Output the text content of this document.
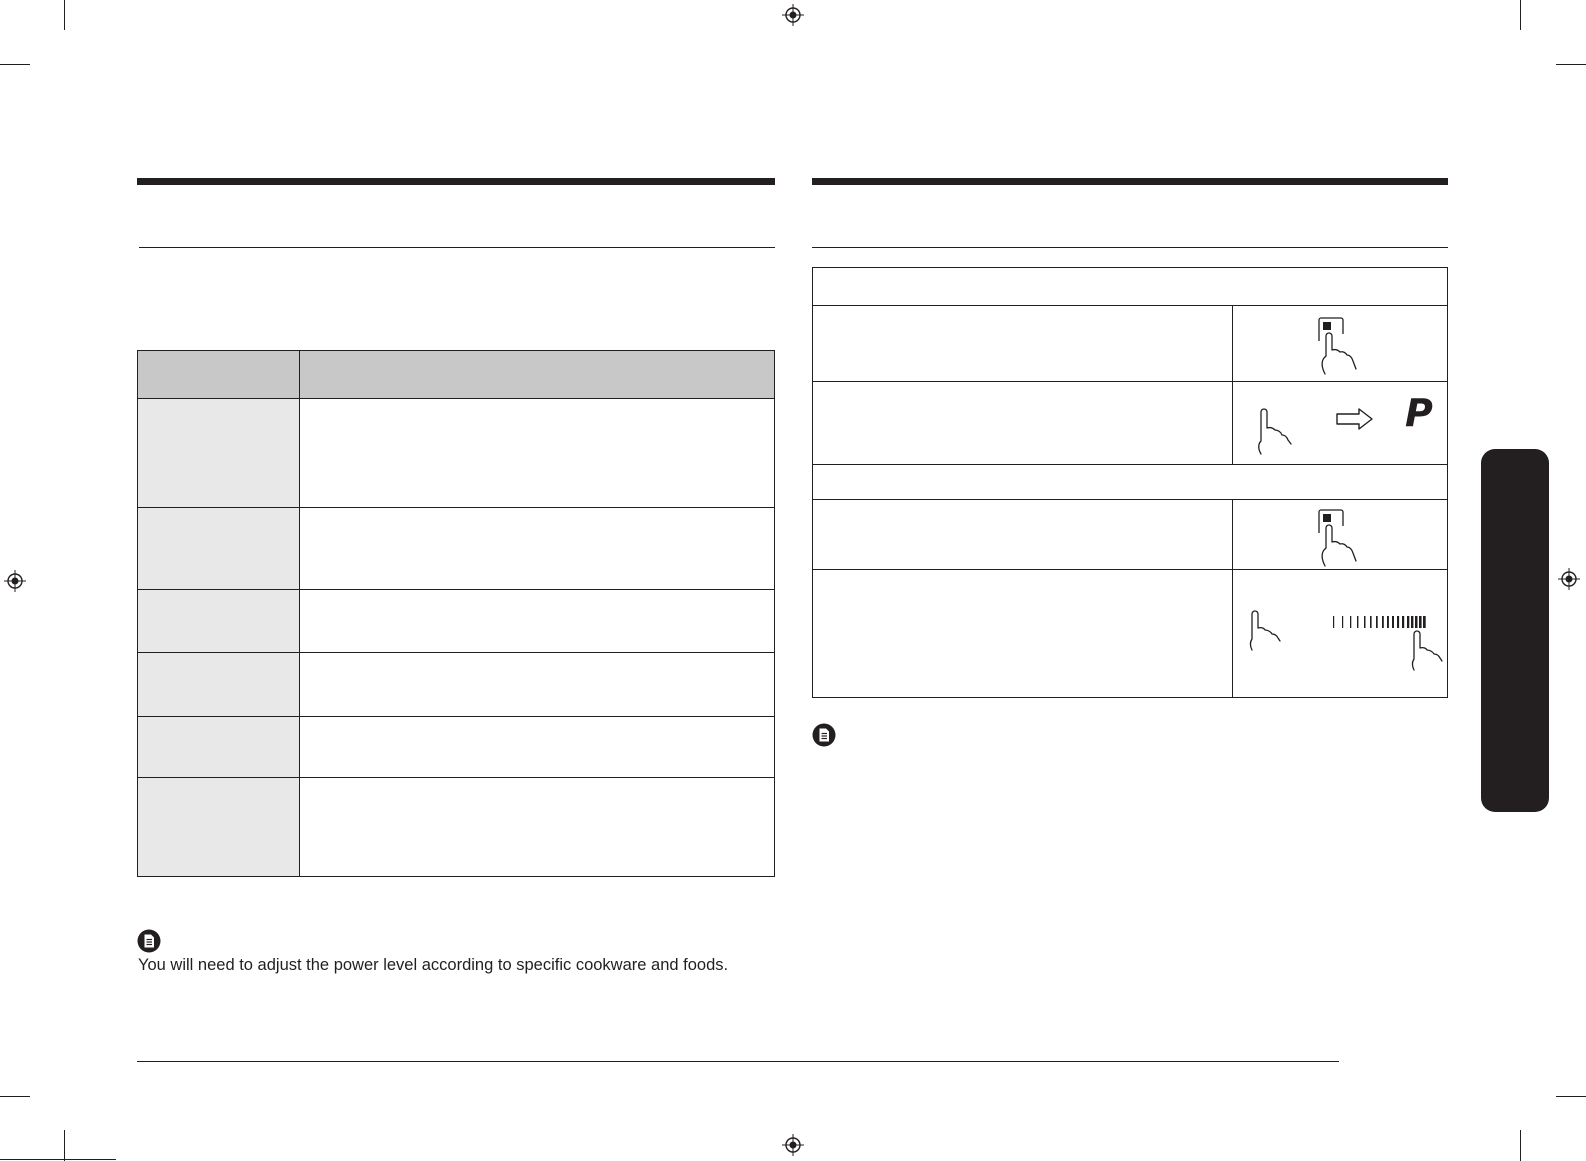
You will need to adjust the power level according to specific cookware and foods.
P
